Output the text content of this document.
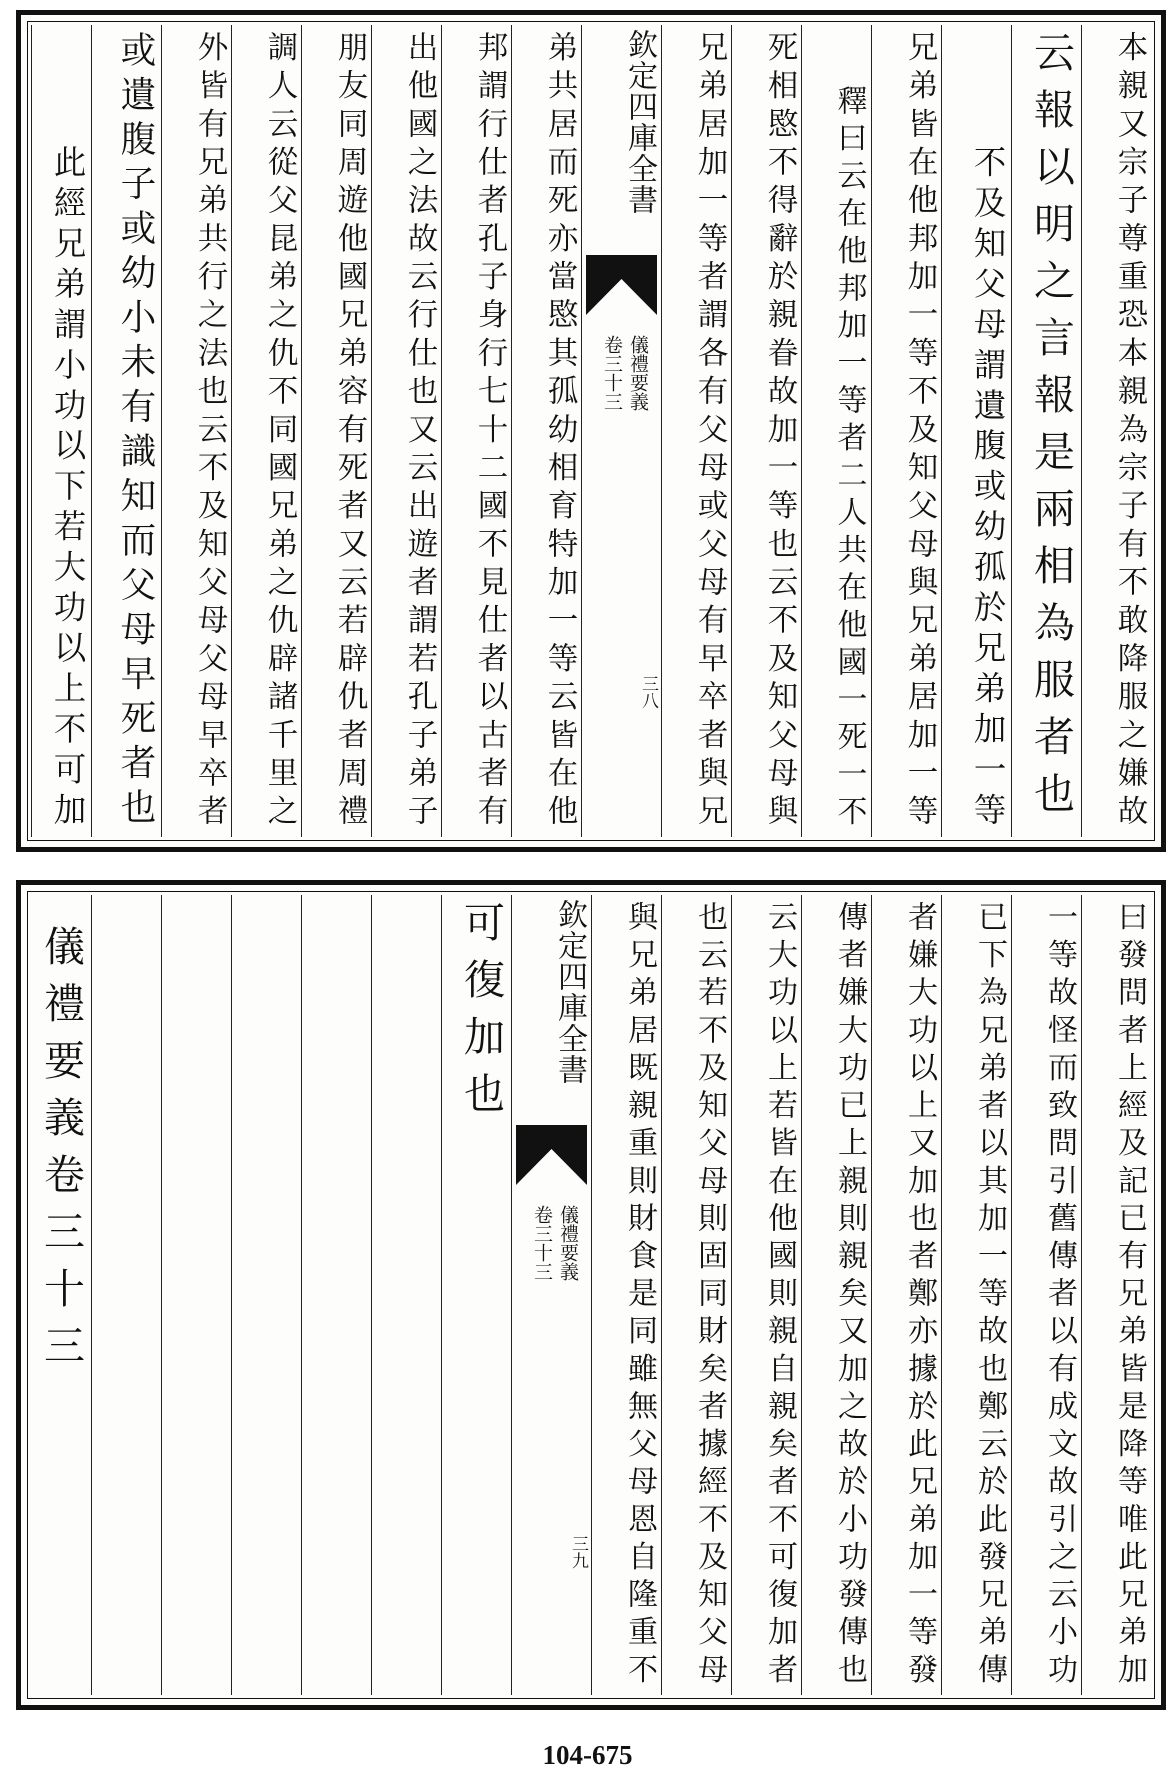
本親又宗子尊重恐本親為宗子有不敢降服之嫌故
云報以明之言報是兩相為服者也
不及知父母謂遺腹或幼孤於兄弟加一等
兄弟皆在他邦加一等不及知父母與兄弟居加一等
釋曰云在他邦加一等者二人共在他國一死一不
死相愍不得辭於親眷故加一等也云不及知父母與
兄弟居加一等者謂各有父母或父母有早卒者與兄
欽定四庫全書
儀禮要義
卷三十三
三八
弟共居而死亦當愍其孤幼相育特加一等云皆在他
邦謂行仕者孔子身行七十二國不見仕者以古者有
出他國之法故云行仕也又云出遊者謂若孔子弟子
朋友同周遊他國兄弟容有死者又云若辟仇者周禮
調人云從父昆弟之仇不同國兄弟之仇辟諸千里之
外皆有兄弟共行之法也云不及知父母父母早卒者
或遺腹子或幼小未有識知而父母早死者也
此經兄弟謂小功以下若大功以上不可加
曰發問者上經及記已有兄弟皆是降等唯此兄弟加
一等故怪而致問引舊傳者以有成文故引之云小功
已下為兄弟者以其加一等故也鄭云於此發兄弟傳
者嫌大功以上又加也者鄭亦據於此兄弟加一等發
傳者嫌大功已上親則親矣又加之故於小功發傳也
云大功以上若皆在他國則親自親矣者不可復加者
也云若不及知父母則固同財矣者據經不及知父母
與兄弟居既親重則財食是同雖無父母恩自隆重不
欽定四庫全書
儀禮要義
卷三十三
三九
可復加也
儀禮要義卷三十三
104-675
